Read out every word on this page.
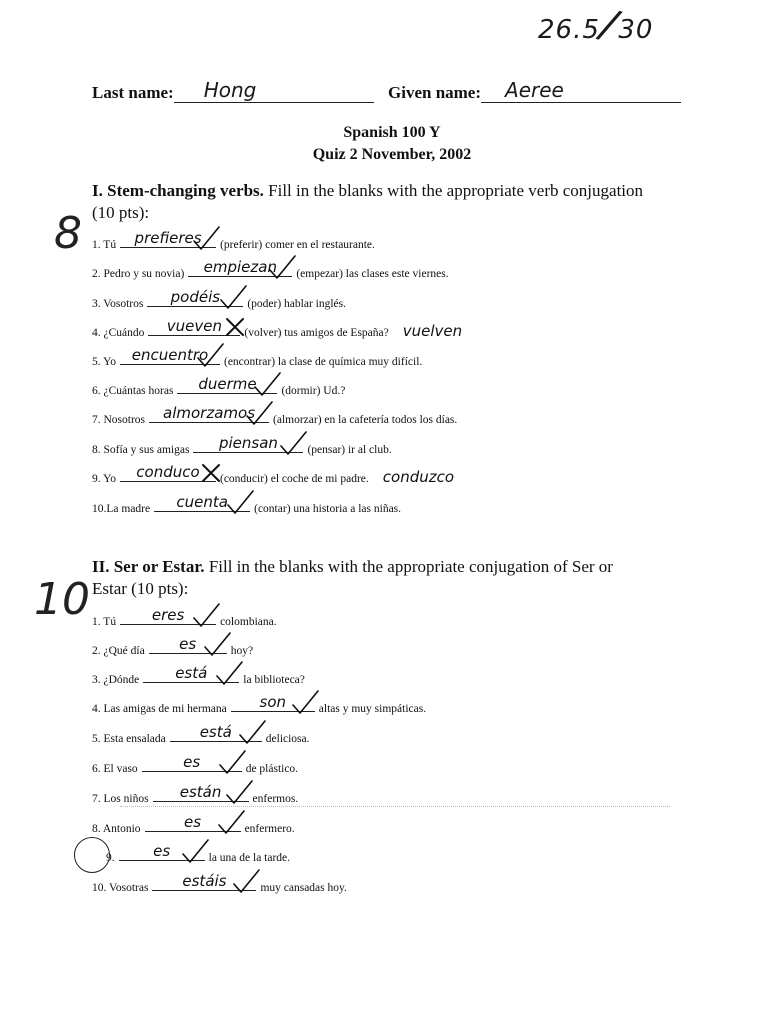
26.5/30
Last name: Hong	Given name: Aeree
Spanish 100 Y
Quiz 2 November, 2002
I. Stem-changing verbs. Fill in the blanks with the appropriate verb conjugation
(10 pts):
8 1. Tú	prefieres	(preferir) comer en el restaurante.
2. Pedro y su novia)	empiezan	(empezar) las clases este viernes.
3. Vosotros	podéis	(poder) hablar inglés.
4. ¿Cuándo	vueven	(volver) tus amigos de España? vuelven
5. Yo	encuentro	(encontrar) la clase de química muy difícil.
6. ¿Cuántas horas	duerme	(dormir) Ud.?
7. Nosotros	almorzamos	(almorzar) en la cafetería todos los días.
8. Sofía y sus amigas	piensan	(pensar) ir al club.
9. Yo	conduco	(conducir) el coche de mi padre. conduzco
10.La madre	cuenta	(contar) una historia a las niñas.
II. Ser or Estar. Fill in the blanks with the appropriate conjugation of Ser or
Estar (10 pts):
10 1. Tú	eres	colombiana.
2. ¿Qué día	es	hoy?
3. ¿Dónde	está	la biblioteca?
4. Las amigas de mi hermana	son	altas y muy simpáticas.
5. Esta ensalada	está	deliciosa.
6. El vaso	es	de plástico.
7. Los niños	están	enfermos.
8. Antonio	es	enfermero.
9.	es	la una de la tarde.
10. Vosotras	estáis	muy cansadas hoy.
